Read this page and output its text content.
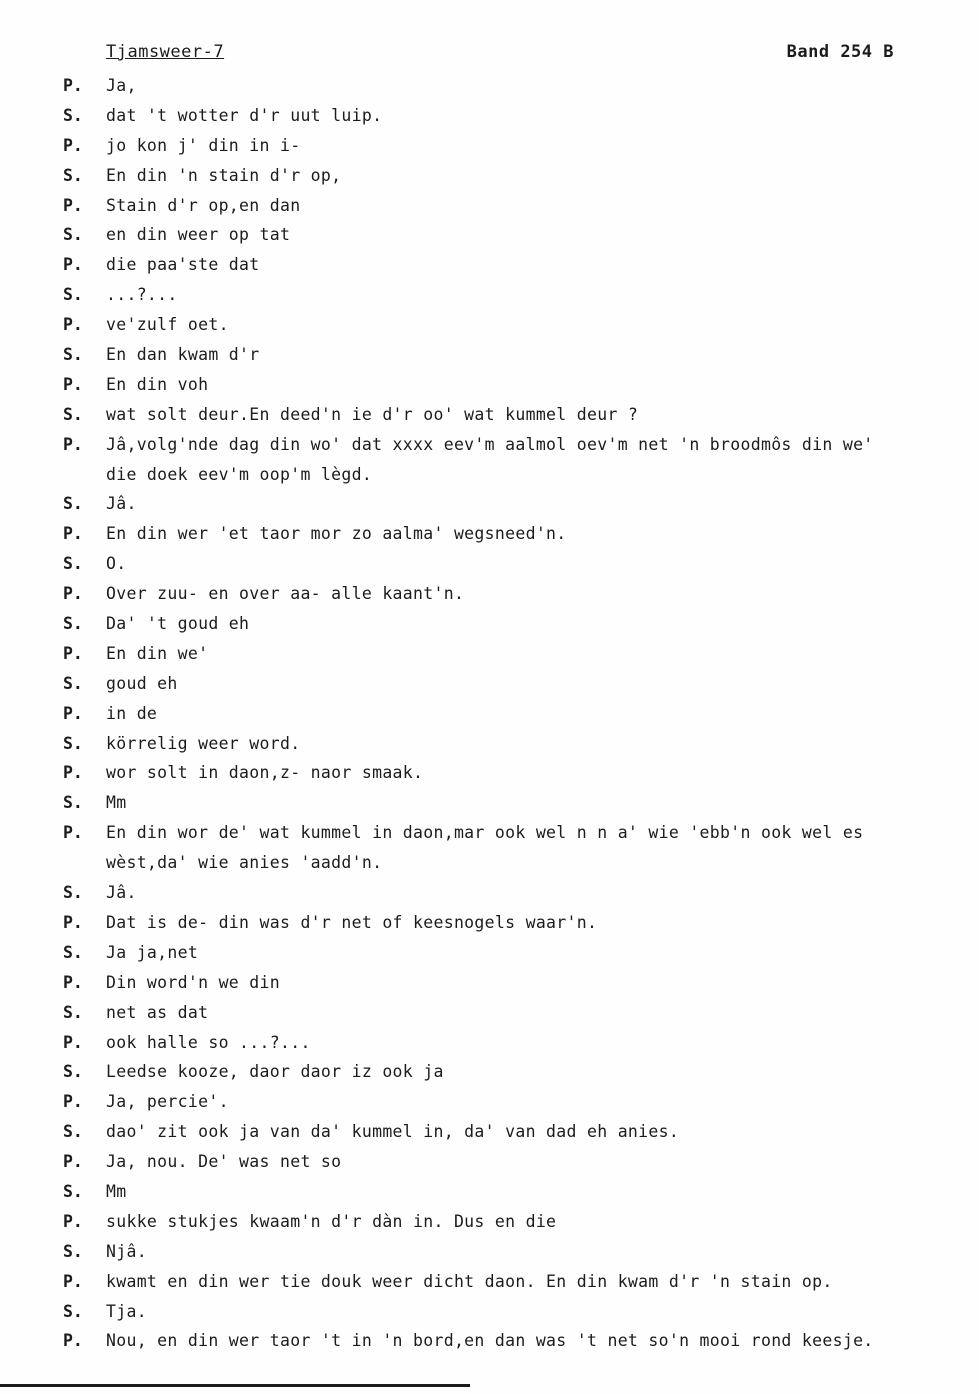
Tjamsweer-7	Band 254 B
P. Ja,
S. dat 't wotter d'r uut luip.
P. jo kon j' din in i-
S. En din 'n stain d'r op,
P. Stain d'r op,en dan
S. en din weer op tat
P. die paa'ste dat
S. ...?...
P. ve'zulf oet.
S. En dan kwam d'r
P. En din voh
S. wat solt deur.En deed'n ie d'r oo' wat kummel deur ?
P. Jâ,volg'nde dag din wo' dat xxxx eev'm aalmol oev'm net 'n broodmôs din we'
die doek eev'm oop'm lègd.
S. Jâ.
P. En din wer 'et taor mor zo aalma' wegsneed'n.
S. O.
P. Over zuu- en over aa- alle kaant'n.
S. Da' 't goud eh
P. En din we'
S. goud eh
P. in de
S. körrelig weer word.
P. wor solt in daon,z- naor smaak.
S. Mm
P. En din wor de' wat kummel in daon,mar ook wel n n a' wie 'ebb'n ook wel es
wèst,da' wie anies 'aadd'n.
S. Jâ.
P. Dat is de- din was d'r net of keesnogels waar'n.
S. Ja ja,net
P. Din word'n we din
S. net as dat
P. ook halle so ...?...
S. Leedse kooze, daor daor iz ook ja
P. Ja, percie'.
S. dao' zit ook ja van da' kummel in, da' van dad eh anies.
P. Ja, nou. De' was net so
S. Mm
P. sukke stukjes kwaam'n d'r dàn in. Dus en die
S. Njâ.
P. kwamt en din wer tie douk weer dicht daon. En din kwam d'r 'n stain op.
S. Tja.
P. Nou, en din wer taor 't in 'n bord,en dan was 't net so'n mooi rond keesje.
